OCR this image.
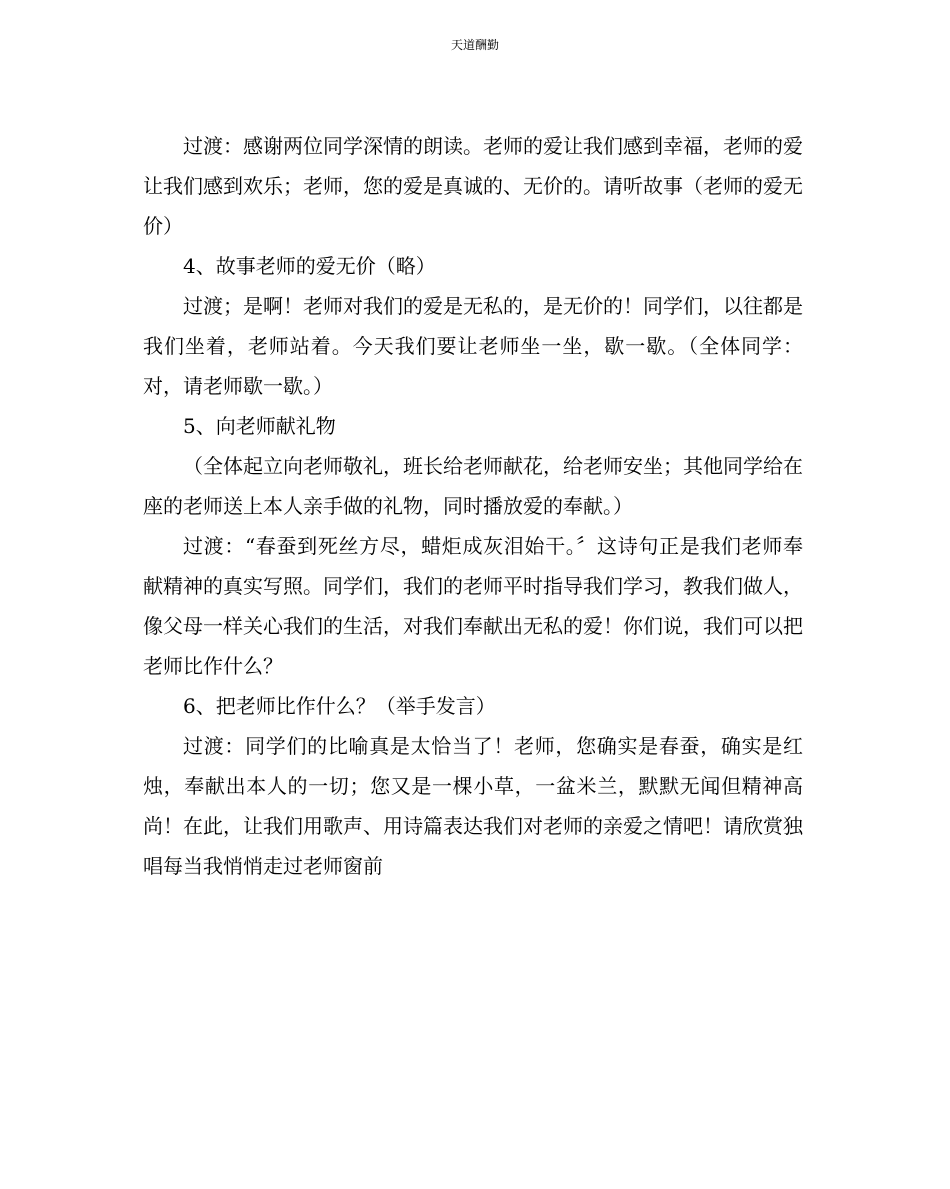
天道酬勤

过渡：感谢两位同学深情的朗读。老师的爱让我们感到幸福，老师的爱让我们感到欢乐；老师，您的爱是真诚的、无价的。请听故事（老师的爱无价）

4、故事老师的爱无价（略）

过渡；是啊！老师对我们的爱是无私的，是无价的！同学们，以往都是我们坐着，老师站着。今天我们要让老师坐一坐，歇一歇。（全体同学：对，请老师歇一歇。）

5、向老师献礼物

（全体起立向老师敬礼，班长给老师献花，给老师安坐；其他同学给在座的老师送上本人亲手做的礼物，同时播放爱的奉献。）

过渡：“春蚕到死丝方尽，蜡炬成灰泪始干。〞这诗句正是我们老师奉献精神的真实写照。同学们，我们的老师平时指导我们学习，教我们做人，像父母一样关心我们的生活，对我们奉献出无私的爱！你们说，我们可以把老师比作什么？

6、把老师比作什么？（举手发言）

过渡：同学们的比喻真是太恰当了！老师，您确实是春蚕，确实是红烛，奉献出本人的一切；您又是一棵小草，一盆米兰，默默无闻但精神高尚！在此，让我们用歌声、用诗篇表达我们对老师的亲爱之情吧！请欣赏独唱每当我悄悄走过老师窗前
